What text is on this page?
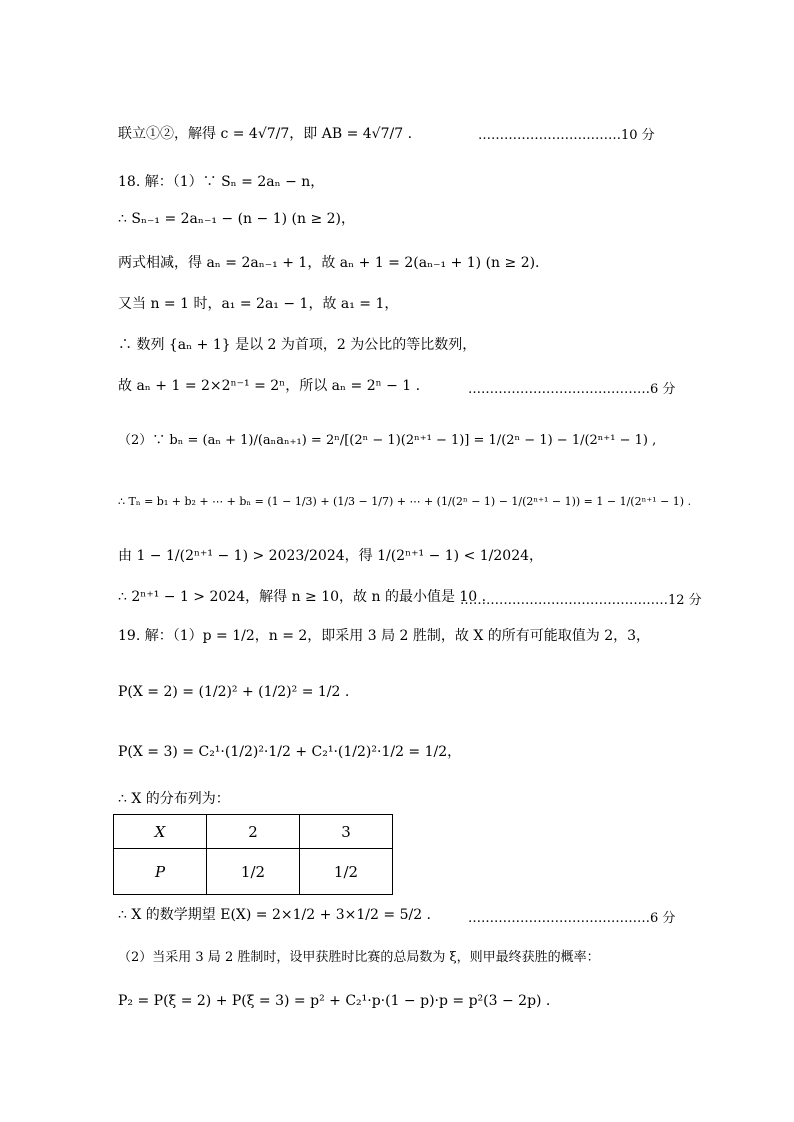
联立①②，解得 c = 4√7/7，即 AB = 4√7/7 .	……………………………10 分
18. 解：（1）∵ Sₙ = 2aₙ − n，
∴ Sₙ₋₁ = 2aₙ₋₁ − (n − 1) (n ≥ 2)，
两式相减，得 aₙ = 2aₙ₋₁ + 1，故 aₙ + 1 = 2(aₙ₋₁ + 1) (n ≥ 2).
又当 n = 1 时，a₁ = 2a₁ − 1，故 a₁ = 1，
∴ 数列 {aₙ + 1} 是以 2 为首项，2 为公比的等比数列，
故 aₙ + 1 = 2×2ⁿ⁻¹ = 2ⁿ，所以 aₙ = 2ⁿ − 1 .	……………………………………6 分
（2）∵ bₙ = (aₙ + 1)/(aₙaₙ₊₁) = 2ⁿ/[(2ⁿ − 1)(2ⁿ⁺¹ − 1)] = 1/(2ⁿ − 1) − 1/(2ⁿ⁺¹ − 1) ,
∴ Tₙ = b₁ + b₂ + ⋯ + bₙ = (1 − 1/3) + (1/3 − 1/7) + ⋯ + (1/(2ⁿ − 1) − 1/(2ⁿ⁺¹ − 1)) = 1 − 1/(2ⁿ⁺¹ − 1) .
由 1 − 1/(2ⁿ⁺¹ − 1) > 2023/2024，得 1/(2ⁿ⁺¹ − 1) < 1/2024，
∴ 2ⁿ⁺¹ − 1 > 2024，解得 n ≥ 10，故 n 的最小值是 10 .
…………………………………………12 分
19. 解：（1）p = 1/2，n = 2，即采用 3 局 2 胜制，故 X 的所有可能取值为 2，3，
P(X = 2) = (1/2)² + (1/2)² = 1/2 .
P(X = 3) = C₂¹·(1/2)²·1/2 + C₂¹·(1/2)²·1/2 = 1/2，
∴ X 的分布列为：
X	2	3
P	1/2	1/2
∴ X 的数学期望 E(X) = 2×1/2 + 3×1/2 = 5/2 .	……………………………………6 分
（2）当采用 3 局 2 胜制时，设甲获胜时比赛的总局数为 ξ，则甲最终获胜的概率：
P₂ = P(ξ = 2) + P(ξ = 3) = p² + C₂¹·p·(1 − p)·p = p²(3 − 2p) .
